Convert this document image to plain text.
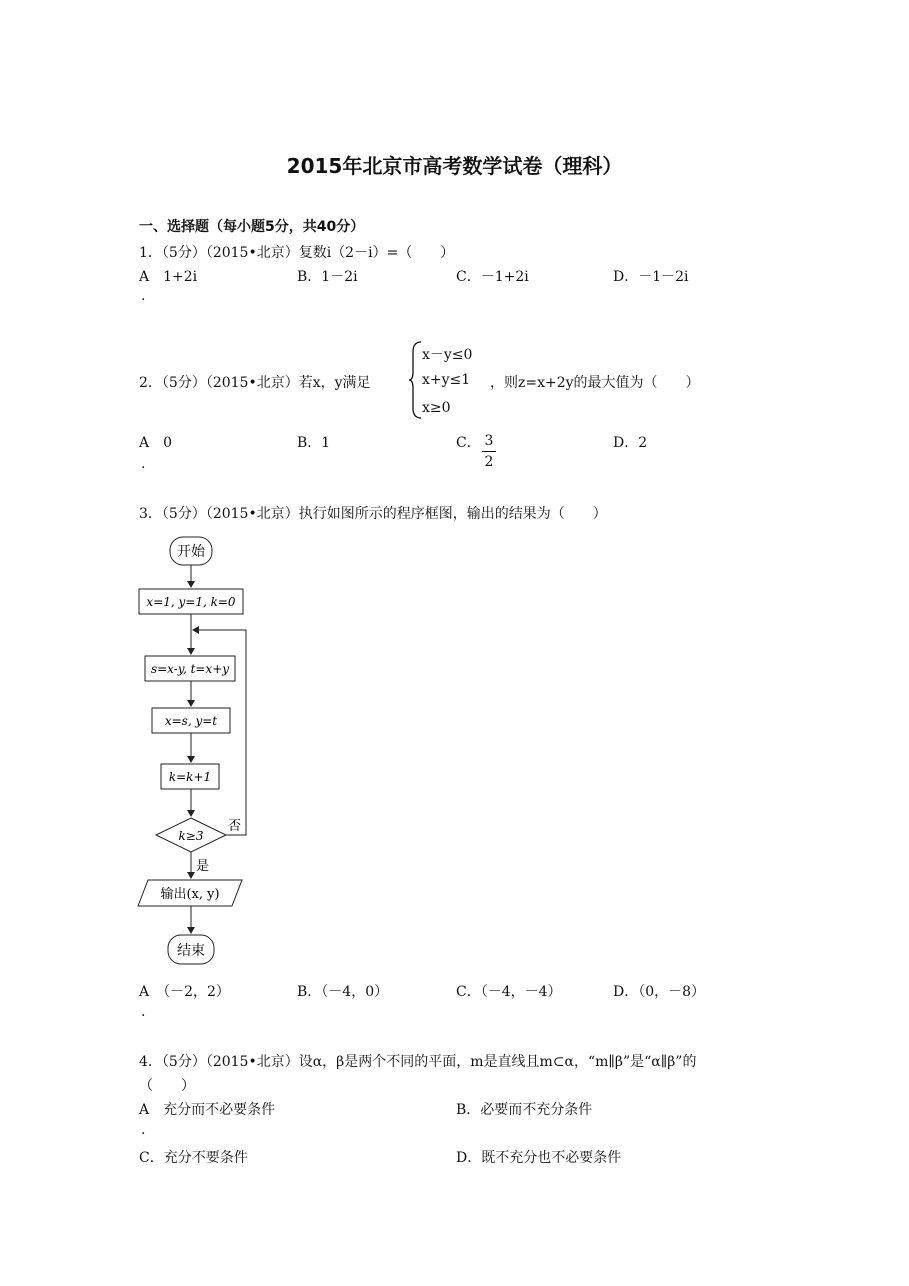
2015年北京市高考数学试卷（理科）
一、选择题（每小题5分，共40分）
1．（5分）（2015•北京）复数i（2－i）=（　　）
A　1+2i	B．1－2i	C．－1+2i	D．－1－2i
.
2．（5分）（2015•北京）若x，y满足
x－y≤0
x+y≤1
x≥0
，则z=x+2y的最大值为（　　）
A　0	B．1	C． 3
2
D．2
.
3．（5分）（2015•北京）执行如图所示的程序框图，输出的结果为（　　）
开始
x=1, y=1, k=0
s=x-y, t=x+y
x=s, y=t
k=k+1
k≥3
否
是
输出(x, y)
结束
A　（－2，2）	B．（－4，0）	C．（－4，－4）	D．（0，－8）
.
4．（5分）（2015•北京）设α，β是两个不同的平面，m是直线且m⊂α，“m∥β”是“α∥β”的
（　　）
A　充分而不必要条件	B．必要而不充分条件
.
C．充分不要条件	D．既不充分也不必要条件
